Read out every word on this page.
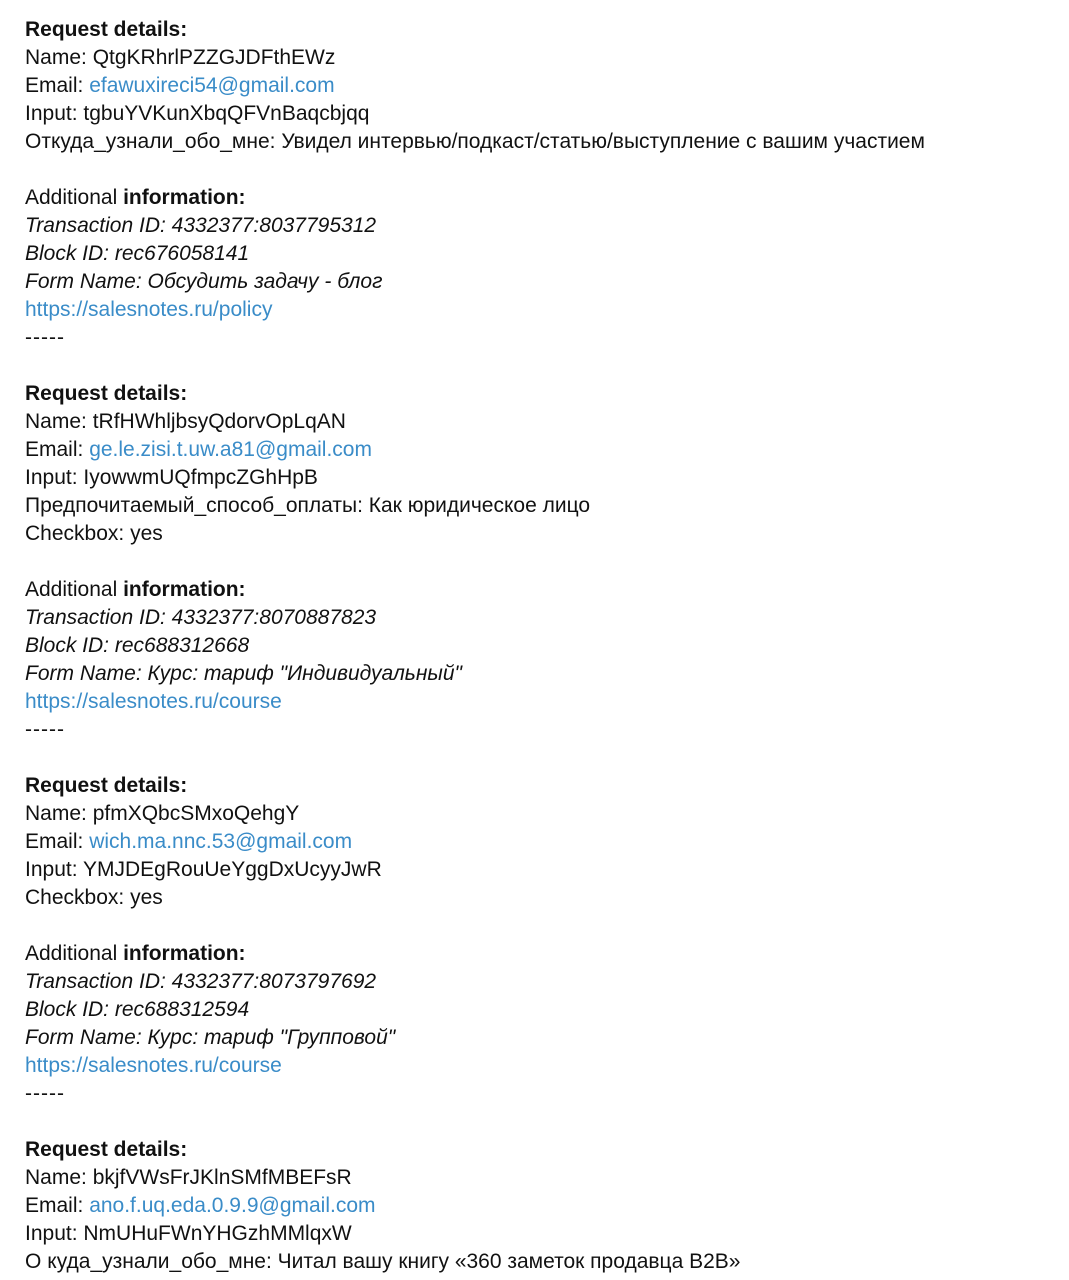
Request details:
Name: QtgKRhrlPZZGJDFthEWz
Email: efawuxireci54@gmail.com
Input: tgbuYVKunXbqQFVnBaqcbjqq
Откуда_узнали_обо_мне: Увидел интервью/подкаст/статью/выступление с вашим участием
Additional information:
Transaction ID: 4332377:8037795312
Block ID: rec676058141
Form Name: Обсудить задачу - блог
https://salesnotes.ru/policy
-----
Request details:
Name: tRfHWhljbsyQdorvOpLqAN
Email: ge.le.zisi.t.uw.a81@gmail.com
Input: IyowwmUQfmpcZGhHpB
Предпочитаемый_способ_оплаты: Как юридическое лицо
Checkbox: yes
Additional information:
Transaction ID: 4332377:8070887823
Block ID: rec688312668
Form Name: Курс: тариф "Индивидуальный"
https://salesnotes.ru/course
-----
Request details:
Name: pfmXQbcSMxoQehgY
Email: wich.ma.nnc.53@gmail.com
Input: YMJDEgRouUeYggDxUcyyJwR
Checkbox: yes
Additional information:
Transaction ID: 4332377:8073797692
Block ID: rec688312594
Form Name: Курс: тариф "Групповой"
https://salesnotes.ru/course
-----
Request details:
Name: bkjfVWsFrJKlnSMfMBEFsR
Email: ano.f.uq.eda.0.9.9@gmail.com
Input: NmUHuFWnYHGzhMMlqxW
О  куда_узнали_обо_мне: Читал вашу книгу «360 заметок продавца B2B»
